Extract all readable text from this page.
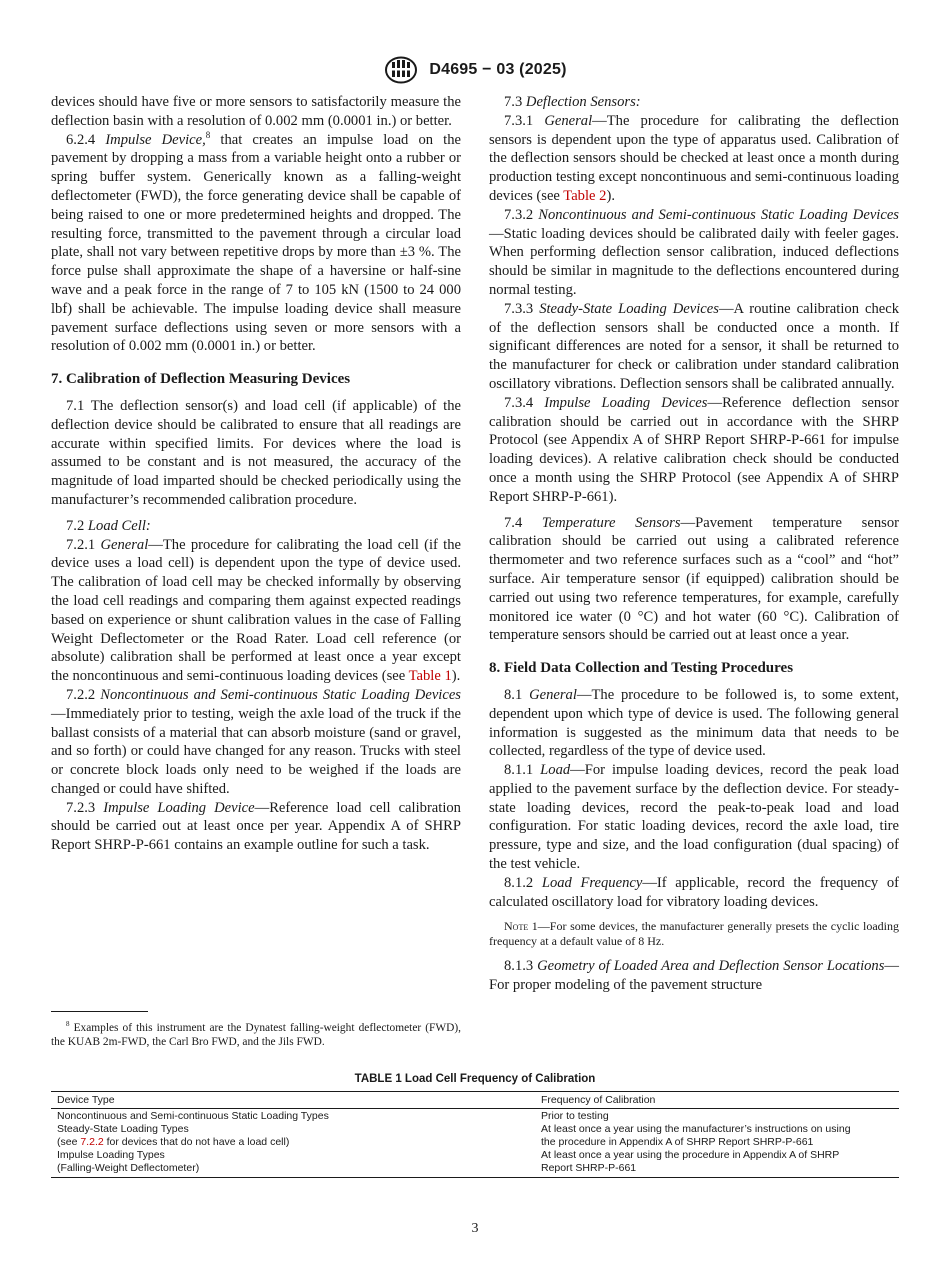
D4695 − 03 (2025)

devices should have five or more sensors to satisfactorily measure the deflection basin with a resolution of 0.002 mm (0.0001 in.) or better.

6.2.4 Impulse Device,$^8$ that creates an impulse load on the pavement by dropping a mass from a variable height onto a rubber or spring buffer system. Generically known as a falling-weight deflectometer (FWD), the force generating device shall be capable of being raised to one or more predetermined heights and dropped. The resulting force, transmitted to the pavement through a circular load plate, shall not vary between repetitive drops by more than ±3 %. The force pulse shall approximate the shape of a haversine or half-sine wave and a peak force in the range of 7 to 105 kN (1500 to 24 000 lbf) shall be achievable. The impulse loading device shall measure pavement surface deflections using seven or more sensors with a resolution of 0.002 mm (0.0001 in.) or better.

7. Calibration of Deflection Measuring Devices

7.1 The deflection sensor(s) and load cell (if applicable) of the deflection device should be calibrated to ensure that all readings are accurate within specified limits. For devices where the load is assumed to be constant and is not measured, the accuracy of the magnitude of load imparted should be checked periodically using the manufacturer’s recommended calibration procedure.

7.2 Load Cell:

7.2.1 General—The procedure for calibrating the load cell (if the device uses a load cell) is dependent upon the type of device used. The calibration of load cell may be checked informally by observing the load cell readings and comparing them against expected readings based on experience or shunt calibration values in the case of Falling Weight Deflectometer or the Road Rater. Load cell reference (or absolute) calibration shall be performed at least once a year except the noncontinuous and semi-continuous loading devices (see Table 1).

7.2.2 Noncontinuous and Semi-continuous Static Loading Devices—Immediately prior to testing, weigh the axle load of the truck if the ballast consists of a material that can absorb moisture (sand or gravel, and so forth) or could have changed for any reason. Trucks with steel or concrete block loads only need to be weighed if the loads are changed or could have shifted.

7.2.3 Impulse Loading Device—Reference load cell calibration should be carried out at least once per year. Appendix A of SHRP Report SHRP-P-661 contains an example outline for such a task.

$^8$ Examples of this instrument are the Dynatest falling-weight deflectometer (FWD), the KUAB 2m-FWD, the Carl Bro FWD, and the Jils FWD.

7.3 Deflection Sensors:

7.3.1 General—The procedure for calibrating the deflection sensors is dependent upon the type of apparatus used. Calibration of the deflection sensors should be checked at least once a month during production testing except noncontinuous and semi-continuous loading devices (see Table 2).

7.3.2 Noncontinuous and Semi-continuous Static Loading Devices—Static loading devices should be calibrated daily with feeler gages. When performing deflection sensor calibration, induced deflections should be similar in magnitude to the deflections encountered during normal testing.

7.3.3 Steady-State Loading Devices—A routine calibration check of the deflection sensors shall be conducted once a month. If significant differences are noted for a sensor, it shall be returned to the manufacturer for check or calibration under standard calibration oscillatory vibrations. Deflection sensors shall be calibrated annually.

7.3.4 Impulse Loading Devices—Reference deflection sensor calibration should be carried out in accordance with the SHRP Protocol (see Appendix A of SHRP Report SHRP-P-661 for impulse loading devices). A relative calibration check should be conducted once a month using the SHRP Protocol (see Appendix A of SHRP Report SHRP-P-661).

7.4 Temperature Sensors—Pavement temperature sensor calibration should be carried out using a calibrated reference thermometer and two reference surfaces such as a “cool” and “hot” surface. Air temperature sensor (if equipped) calibration should be carried out using two reference temperatures, for example, carefully monitored ice water (0 °C) and hot water (60 °C). Calibration of temperature sensors should be carried out at least once a year.

8. Field Data Collection and Testing Procedures

8.1 General—The procedure to be followed is, to some extent, dependent upon which type of device is used. The following general information is suggested as the minimum data that needs to be collected, regardless of the type of device used.

8.1.1 Load—For impulse loading devices, record the peak load applied to the pavement surface by the deflection device. For steady-state loading devices, record the peak-to-peak load and load configuration. For static loading devices, record the axle load, tire pressure, type and size, and the load configuration (dual spacing) of the test vehicle.

8.1.2 Load Frequency—If applicable, record the frequency of calculated oscillatory load for vibratory loading devices.

Note 1—For some devices, the manufacturer generally presets the cyclic loading frequency at a default value of 8 Hz.

8.1.3 Geometry of Loaded Area and Deflection Sensor Locations—For proper modeling of the pavement structure

TABLE 1 Load Cell Frequency of Calibration
Device Type	Frequency of Calibration
Noncontinuous and Semi-continuous Static Loading Types	Prior to testing
Steady-State Loading Types	At least once a year using the manufacturer’s instructions on using
(see 7.2.2 for devices that do not have a load cell)	the procedure in Appendix A of SHRP Report SHRP-P-661
Impulse Loading Types	At least once a year using the procedure in Appendix A of SHRP
(Falling-Weight Deflectometer)	Report SHRP-P-661
3
